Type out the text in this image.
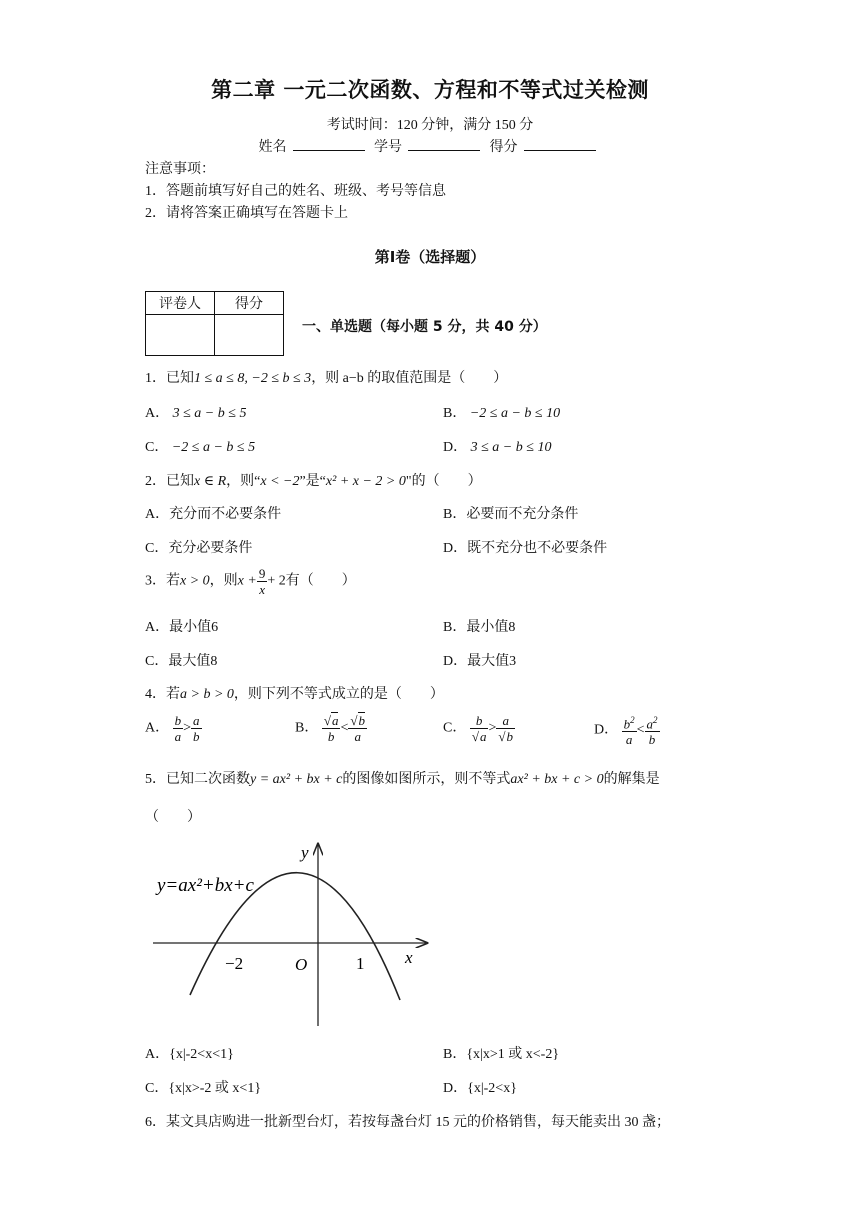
第二章 一元二次函数、方程和不等式过关检测
考试时间：120 分钟，满分 150 分
姓名	学号	得分
注意事项：
1．答题前填写好自己的姓名、班级、考号等信息
2．请将答案正确填写在答题卡上
第Ⅰ卷（选择题）
评卷人	得分

一、单选题（每小题 5 分，共 40 分）
1．已知1 ≤ a ≤ 8, −2 ≤ b ≤ 3，则 a−b 的取值范围是（　　）
A． 3 ≤ a − b ≤ 5	B． −2 ≤ a − b ≤ 10
C． −2 ≤ a − b ≤ 5	D． 3 ≤ a − b ≤ 10
2．已知x ∈ R，则“x < −2”是“x² + x − 2 > 0"的（　　）
A．充分而不必要条件	B．必要而不充分条件
C．充分必要条件	D．既不充分也不必要条件
3．若x > 0，则$x + \frac{9}{x} + 2$有（　　）
A．最小值6	B．最小值8
C．最大值8	D．最大值3
4．若a > b > 0，则下列不等式成立的是（　　）
A． $\frac{b}{a} > \frac{a}{b}$	B． $\frac{√a}{b} < \frac{√b}{a}$	C． $\frac{b}{√a} > \frac{a}{√b}$	D． $\frac{b^2}{a} < \frac{a^2}{b}$
5．已知二次函数y = ax² + bx + c的图像如图所示，则不等式ax² + bx + c > 0的解集是
（　　）
y=ax²+bx+c
x
y
O
−2	1
A．{x|-2<x<1}	B．{x|x>1 或 x<-2}
C．{x|x>-2 或 x<1}	D．{x|-2<x}
6．某文具店购进一批新型台灯，若按每盏台灯 15 元的价格销售，每天能卖出 30 盏；
